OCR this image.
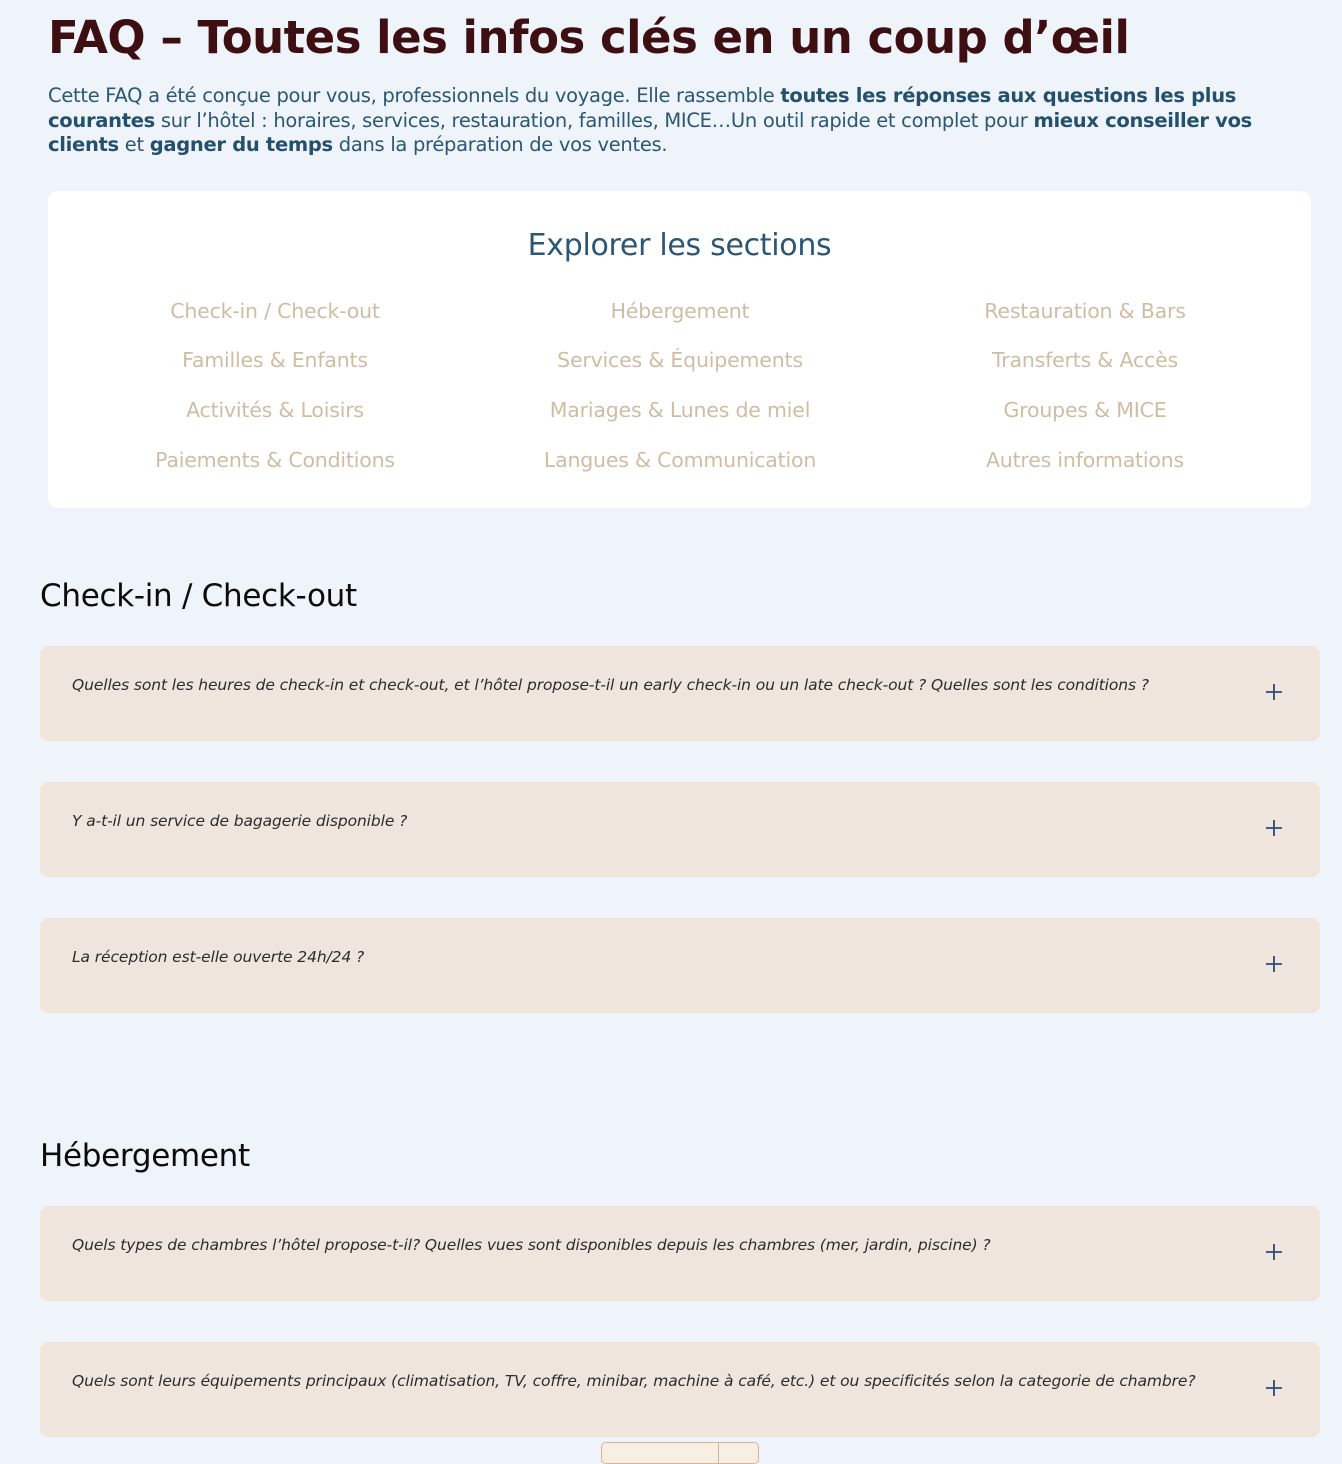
FAQ – Toutes les infos clés en un coup d’œil

Cette FAQ a été conçue pour vous, professionnels du voyage. Elle rassemble toutes les réponses aux questions les plus courantes sur l’hôtel : horaires, services, restauration, familles, MICE…Un outil rapide et complet pour mieux conseiller vos clients et gagner du temps dans la préparation de vos ventes.

Explorer les sections
Check-in / Check-out	Hébergement	Restauration & Bars
Familles & Enfants	Services & Équipements	Transferts & Accès
Activités & Loisirs	Mariages & Lunes de miel	Groupes & MICE
Paiements & Conditions	Langues & Communication	Autres informations
Check-in / Check-out
Quelles sont les heures de check-in et check-out, et l’hôtel propose-t-il un early check-in ou un late check-out ? Quelles sont les conditions ?
Y a-t-il un service de bagagerie disponible ?
La réception est-elle ouverte 24h/24 ?
Hébergement
Quels types de chambres l’hôtel propose-t-il? Quelles vues sont disponibles depuis les chambres (mer, jardin, piscine) ?
Quels sont leurs équipements principaux (climatisation, TV, coffre, minibar, machine à café, etc.) et ou specificités selon la categorie de chambre?
